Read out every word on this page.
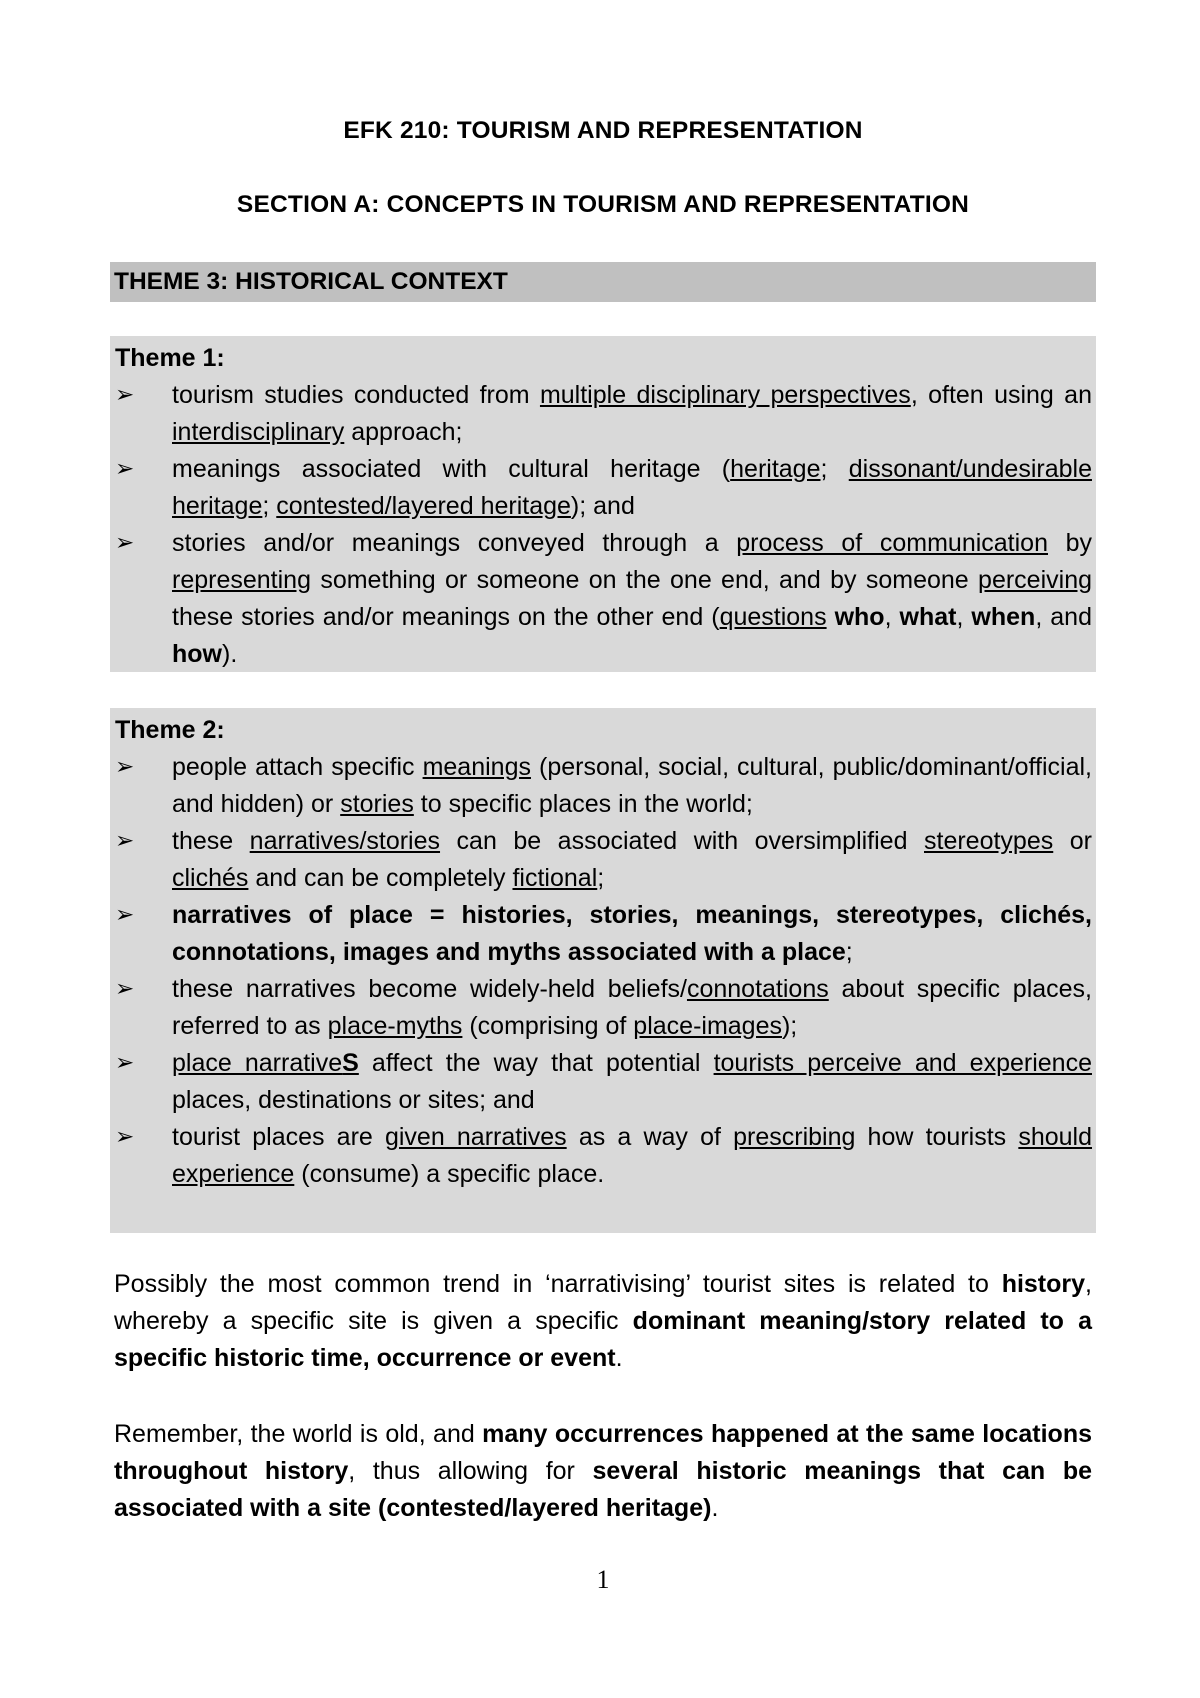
EFK 210: TOURISM AND REPRESENTATION
SECTION A: CONCEPTS IN TOURISM AND REPRESENTATION
THEME 3: HISTORICAL CONTEXT
Theme 1:
➢	tourism studies conducted from multiple disciplinary perspectives, often using an interdisciplinary approach;
➢	meanings associated with cultural heritage (heritage; dissonant/undesirable heritage; contested/layered heritage); and
➢	stories and/or meanings conveyed through a process of communication by representing something or someone on the one end, and by someone perceiving these stories and/or meanings on the other end (questions who, what, when, and how).
Theme 2:
➢	people attach specific meanings (personal, social, cultural, public/dominant/official, and hidden) or stories to specific places in the world;
➢	these narratives/stories can be associated with oversimplified stereotypes or clichés and can be completely fictional;
➢	narratives of place = histories, stories, meanings, stereotypes, clichés, connotations, images and myths associated with a place;
➢	these narratives become widely-held beliefs/connotations about specific places, referred to as place-myths (comprising of place-images);
➢	place narrativeS affect the way that potential tourists perceive and experience places, destinations or sites; and
➢	tourist places are given narratives as a way of prescribing how tourists should experience (consume) a specific place.
Possibly the most common trend in ‘narrativising’ tourist sites is related to history, whereby a specific site is given a specific dominant meaning/story related to a specific historic time, occurrence or event.
Remember, the world is old, and many occurrences happened at the same locations throughout history, thus allowing for several historic meanings that can be associated with a site (contested/layered heritage).
1
